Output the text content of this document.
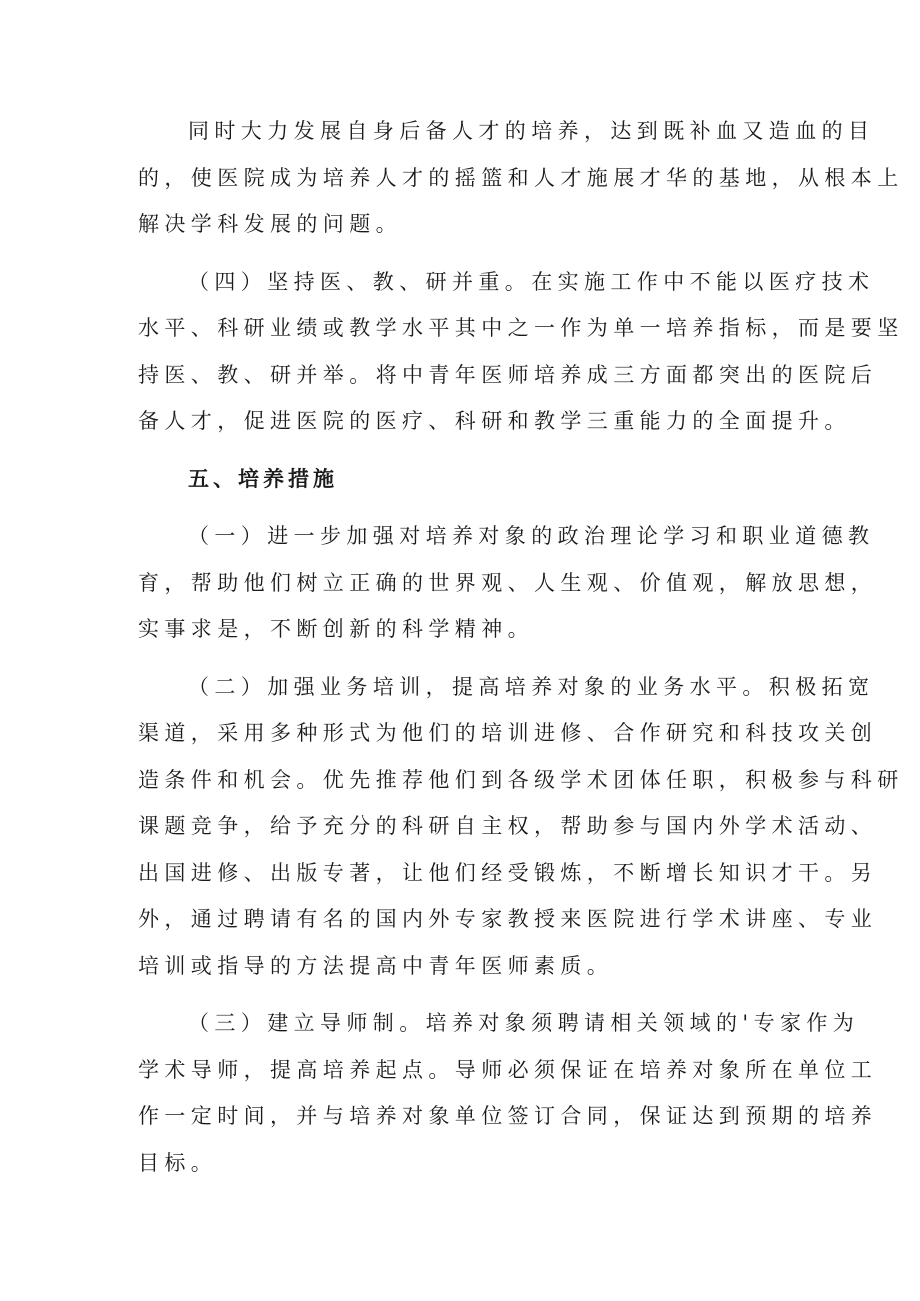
同时大力发展自身后备人才的培养，达到既补血又造血的目
的，使医院成为培养人才的摇篮和人才施展才华的基地，从根本上
解决学科发展的问题。
（四）坚持医、教、研并重。在实施工作中不能以医疗技术
水平、科研业绩或教学水平其中之一作为单一培养指标，而是要坚
持医、教、研并举。将中青年医师培养成三方面都突出的医院后
备人才，促进医院的医疗、科研和教学三重能力的全面提升。
五、培养措施
（一）进一步加强对培养对象的政治理论学习和职业道德教
育，帮助他们树立正确的世界观、人生观、价值观，解放思想，
实事求是，不断创新的科学精神。
（二）加强业务培训，提高培养对象的业务水平。积极拓宽
渠道，采用多种形式为他们的培训进修、合作研究和科技攻关创
造条件和机会。优先推荐他们到各级学术团体任职，积极参与科研
课题竞争，给予充分的科研自主权，帮助参与国内外学术活动、
出国进修、出版专著，让他们经受锻炼，不断增长知识才干。另
外，通过聘请有名的国内外专家教授来医院进行学术讲座、专业
培训或指导的方法提高中青年医师素质。
（三）建立导师制。培养对象须聘请相关领域的'专家作为
学术导师，提高培养起点。导师必须保证在培养对象所在单位工
作一定时间，并与培养对象单位签订合同，保证达到预期的培养
目标。
